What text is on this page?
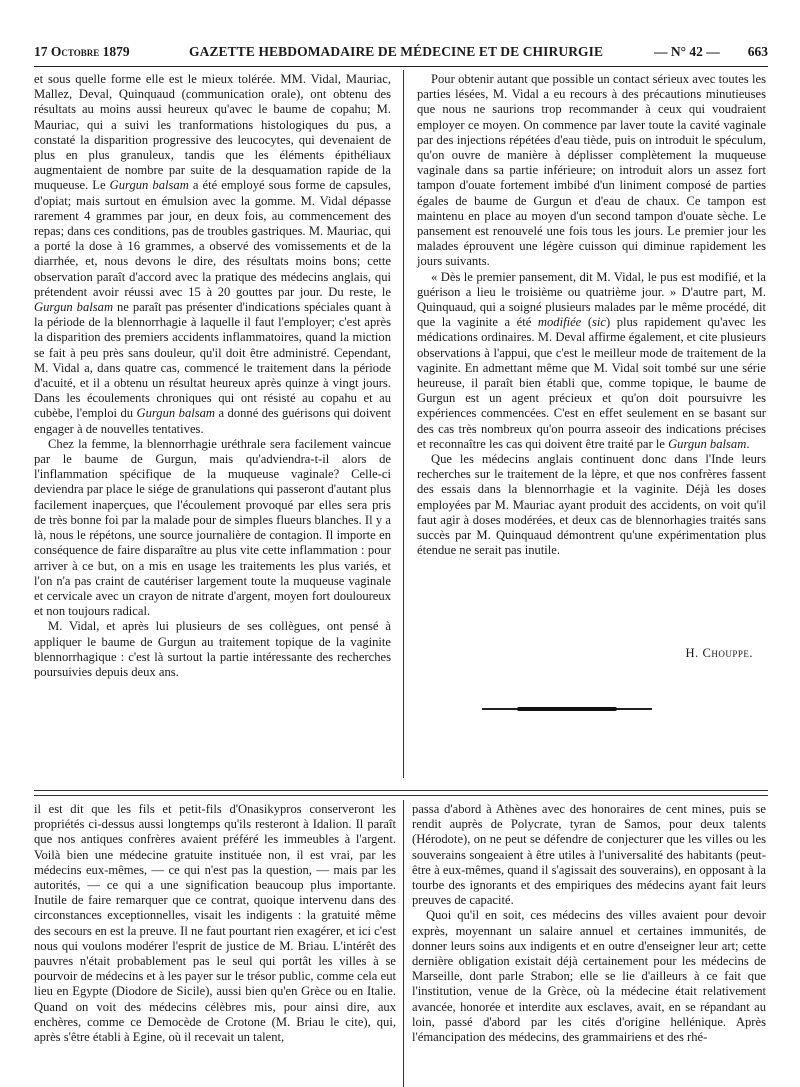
17 Octobre 1879	GAZETTE HEBDOMADAIRE DE MÉDECINE ET DE CHIRURGIE	— N° 42 — 663

et sous quelle forme elle est le mieux tolérée. MM. Vidal, Mauriac, Mallez, Deval, Quinquaud (communication orale), ont obtenu des résultats au moins aussi heureux qu'avec le baume de copahu; M. Mauriac, qui a suivi les tranformations histologiques du pus, a constaté la disparition progressive des leucocytes, qui devenaient de plus en plus granuleux, tandis que les éléments épithéliaux augmentaient de nombre par suite de la desquamation rapide de la muqueuse. Le Gurgun balsam a été employé sous forme de capsules, d'opiat; mais surtout en émulsion avec la gomme. M. Vidal dépasse rarement 4 grammes par jour, en deux fois, au commencement des repas; dans ces conditions, pas de troubles gastriques. M. Mauriac, qui a porté la dose à 16 grammes, a observé des vomissements et de la diarrhée, et, nous devons le dire, des résultats moins bons; cette observation paraît d'accord avec la pratique des médecins anglais, qui prétendent avoir réussi avec 15 à 20 gouttes par jour. Du reste, le Gurgun balsam ne paraît pas présenter d'indications spéciales quant à la période de la blennorrhagie à laquelle il faut l'employer; c'est après la disparition des premiers accidents inflammatoires, quand la miction se fait à peu près sans douleur, qu'il doit être administré. Cependant, M. Vidal a, dans quatre cas, commencé le traitement dans la période d'acuité, et il a obtenu un résultat heureux après quinze à vingt jours. Dans les écoulements chroniques qui ont résisté au copahu et au cubèbe, l'emploi du Gurgun balsam a donné des guérisons qui doivent engager à de nouvelles tentatives.

Chez la femme, la blennorrhagie uréthrale sera facilement vaincue par le baume de Gurgun, mais qu'adviendra-t-il alors de l'inflammation spécifique de la muqueuse vaginale? Celle-ci deviendra par place le siége de granulations qui passeront d'autant plus facilement inaperçues, que l'écoulement provoqué par elles sera pris de très bonne foi par la malade pour de simples flueurs blanches. Il y a là, nous le répétons, une source journalière de contagion. Il importe en conséquence de faire disparaître au plus vite cette inflammation : pour arriver à ce but, on a mis en usage les traitements les plus variés, et l'on n'a pas craint de cautériser largement toute la muqueuse vaginale et cervicale avec un crayon de nitrate d'argent, moyen fort douloureux et non toujours radical.

M. Vidal, et après lui plusieurs de ses collègues, ont pensé à appliquer le baume de Gurgun au traitement topique de la vaginite blennorrhagique : c'est là surtout la partie intéressante des recherches poursuivies depuis deux ans.

Pour obtenir autant que possible un contact sérieux avec toutes les parties lésées, M. Vidal a eu recours à des précautions minutieuses que nous ne saurions trop recommander à ceux qui voudraient employer ce moyen. On commence par laver toute la cavité vaginale par des injections répétées d'eau tiède, puis on introduit le spéculum, qu'on ouvre de manière à déplisser complètement la muqueuse vaginale dans sa partie inférieure; on introduit alors un assez fort tampon d'ouate fortement imbibé d'un liniment composé de parties égales de baume de Gurgun et d'eau de chaux. Ce tampon est maintenu en place au moyen d'un second tampon d'ouate sèche. Le pansement est renouvelé une fois tous les jours. Le premier jour les malades éprouvent une légère cuisson qui diminue rapidement les jours suivants.

« Dès le premier pansement, dit M. Vidal, le pus est modifié, et la guérison a lieu le troisième ou quatrième jour. » D'autre part, M. Quinquaud, qui a soigné plusieurs malades par le même procédé, dit que la vaginite a été modifiée (sic) plus rapidement qu'avec les médications ordinaires. M. Deval affirme également, et cite plusieurs observations à l'appui, que c'est le meilleur mode de traitement de la vaginite. En admettant même que M. Vidal soit tombé sur une série heureuse, il paraît bien établi que, comme topique, le baume de Gurgun est un agent précieux et qu'on doit poursuivre les expériences commencées. C'est en effet seulement en se basant sur des cas très nombreux qu'on pourra asseoir des indications précises et reconnaître les cas qui doivent être traité par le Gurgun balsam.

Que les médecins anglais continuent donc dans l'Inde leurs recherches sur le traitement de la lèpre, et que nos confrères fassent des essais dans la blennorrhagie et la vaginite. Déjà les doses employées par M. Mauriac ayant produit des accidents, on voit qu'il faut agir à doses modérées, et deux cas de blennorhagies traités sans succès par M. Quinquaud démontrent qu'une expérimentation plus étendue ne serait pas inutile.

H. Chouppe.

il est dit que les fils et petit-fils d'Onasikypros conserveront les propriétés ci-dessus aussi longtemps qu'ils resteront à Idalion. Il paraît que nos antiques confrères avaient préféré les immeubles à l'argent. Voilà bien une médecine gratuite instituée non, il est vrai, par les médecins eux-mêmes, — ce qui n'est pas la question, — mais par les autorités, — ce qui a une signification beaucoup plus importante. Inutile de faire remarquer que ce contrat, quoique intervenu dans des circonstances exceptionnelles, visait les indigents : la gratuité même des secours en est la preuve. Il ne faut pourtant rien exagérer, et ici c'est nous qui voulons modérer l'esprit de justice de M. Briau. L'intérêt des pauvres n'était probablement pas le seul qui portât les villes à se pourvoir de médecins et à les payer sur le trésor public, comme cela eut lieu en Egypte (Diodore de Sicile), aussi bien qu'en Grèce ou en Italie. Quand on voit des médecins célèbres mis, pour ainsi dire, aux enchères, comme ce Democède de Crotone (M. Briau le cite), qui, après s'être établi à Egine, où il recevait un talent,

passa d'abord à Athènes avec des honoraires de cent mines, puis se rendit auprès de Polycrate, tyran de Samos, pour deux talents (Hérodote), on ne peut se défendre de conjecturer que les villes ou les souverains songeaient à être utiles à l'universalité des habitants (peut-être à eux-mêmes, quand il s'agissait des souverains), en opposant à la tourbe des ignorants et des empiriques des médecins ayant fait leurs preuves de capacité.

Quoi qu'il en soit, ces médecins des villes avaient pour devoir exprès, moyennant un salaire annuel et certaines immunités, de donner leurs soins aux indigents et en outre d'enseigner leur art; cette dernière obligation existait déjà certainement pour les médecins de Marseille, dont parle Strabon; elle se lie d'ailleurs à ce fait que l'institution, venue de la Grèce, où la médecine était relativement avancée, honorée et interdite aux esclaves, avait, en se répandant au loin, passé d'abord par les cités d'origine hellénique. Après l'émancipation des médecins, des grammairiens et des rhé-
